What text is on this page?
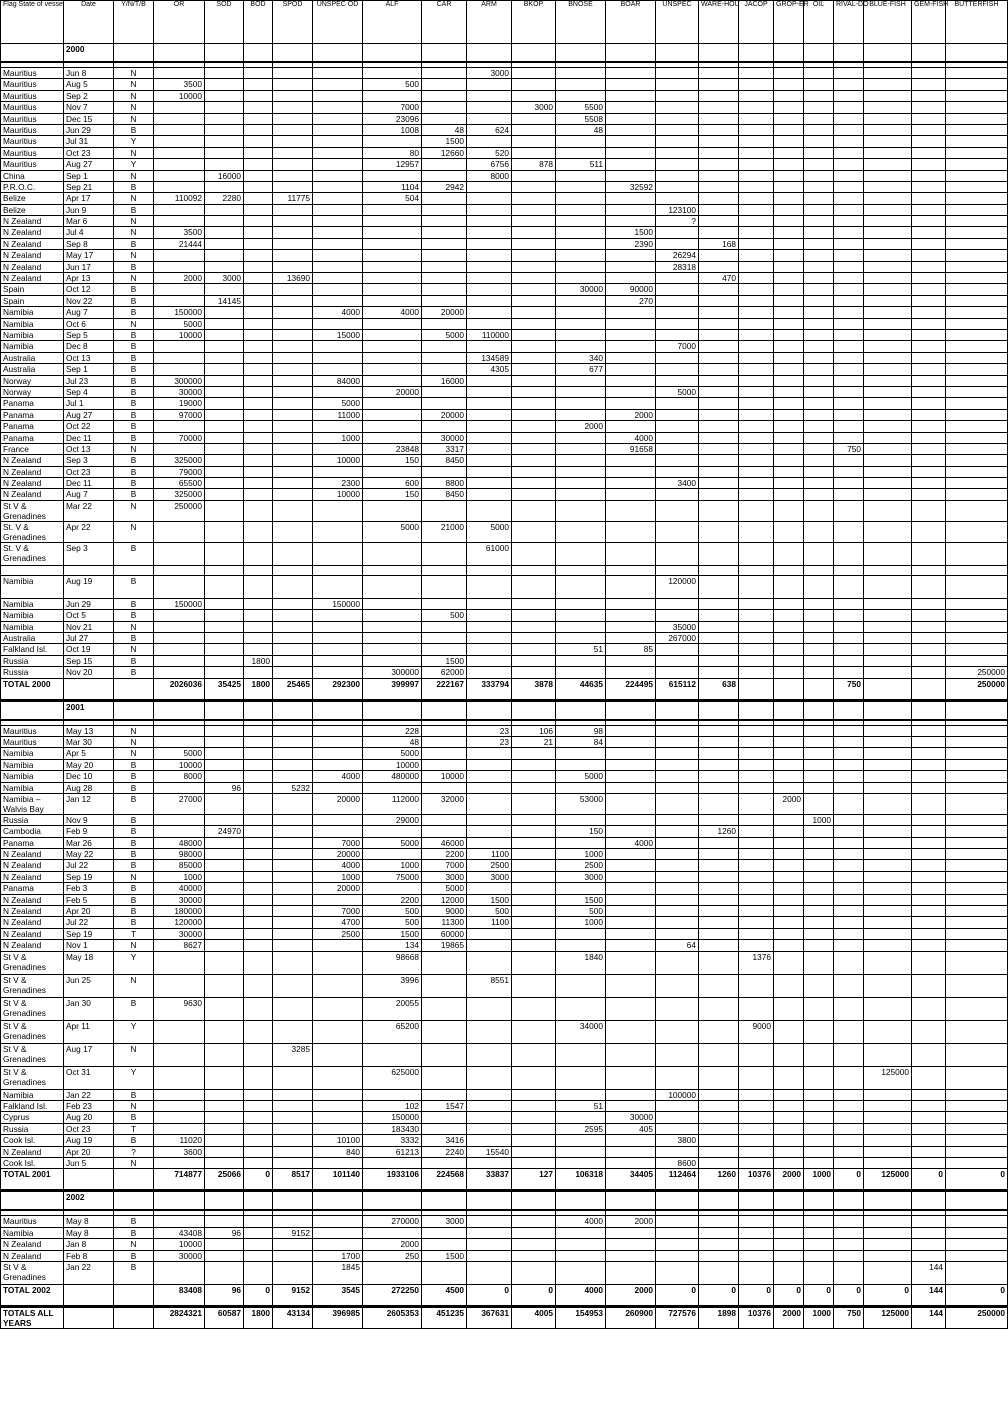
Flag State of vessel	Date	Y/N/T/B	OR	SOD	BOD	SPOD	UNSPEC OD	ALF	CAR	ARM	BKOP	BNOSE	BOAR	UNSPEC	WARE-HOU	JACOP	GROP-ER	OIL	RIVAL-DO	BLUE-FISH	GEM-FISH	BUTTERFISH
	2000																					

Mauritius	Jun 8	N								3000												
Mauritius	Aug 5	N	3500					500														
Mauritius	Sep 2	N	10000																			
Mauritius	Nov 7	N						7000			3000	5500										
Mauritius	Dec 15	N						23096				5508										
Mauritius	Jun 29	B						1008	48	624		48										
Mauritius	Jul 31	Y							1500													
Mauritius	Oct 23	N						80	12660	520												
Mauritius	Aug 27	Y						12957		6756	878	511										
China	Sep 1	N		16000						8000												
P.R.O.C.	Sep 21	B						1104	2942				32592									
Belize	Apr 17	N	110092	2280		11775		504														
Belize	Jun 9	B												123100								
N Zealand	Mar 6	N												?								
N Zealand	Jul 4	N	3500										1500									
N Zealand	Sep 8	B	21444										2390		168							
N Zealand	May 17	N												26294								
N Zealand	Jun 17	B												28318								
N Zealand	Apr 13	N	2000	3000		13690									470							
Spain	Oct 12	B										30000	90000									
Spain	Nov 22	B		14145									270									
Namibia	Aug 7	B	150000				4000	4000	20000													
Namibia	Oct 6	N	5000																			
Namibia	Sep 5	B	10000				15000		5000	110000												
Namibia	Dec 8	B												7000								
Australia	Oct 13	B								134589		340										
Australia	Sep 1	B								4305		677										
Norway	Jul 23	B	300000				84000		16000													
Norway	Sep 4	B	30000					20000						5000								
Panama	Jul 1	B	19000				5000															
Panama	Aug 27	B	97000				11000		20000				2000									
Panama	Oct 22	B										2000										
Panama	Dec 11	B	70000				1000		30000				4000									
France	Oct 13	N						23848	3317				91658						750			
N Zealand	Sep 3	B	325000				10000	150	8450													
N Zealand	Oct 23	B	79000																			
N Zealand	Dec 11	B	65500				2300	600	8800					3400								
N Zealand	Aug 7	B	325000				10000	150	8450													
St V & Grenadines	Mar 22	N	250000																			
St. V & Grenadines	Apr 22	N						5000	21000	5000												
St. V & Grenadines	Sep 3	B								61000												

Namibia	Aug 19	B												120000								
Namibia	Jun 29	B	150000				150000															
Namibia	Oct 5	B							500													
Namibia	Nov 21	N												35000								
Australia	Jul 27	B												267000								
Falkland Isl.	Oct 19	N										51	85									
Russia	Sep 15	B			1800				1500													
Russia	Nov 20	B						300000	62000													250000
TOTAL 2000			2026036	35425	1800	25465	292300	399997	222167	333794	3878	44635	224495	615112	638				750			250000
	2001																					

Mauritius	May 13	N						228		23	106	98										
Mauritius	Mar 30	N						48		23	21	84										
Namibia	Apr 5	N	5000					5000														
Namibia	May 20	B	10000					10000														
Namibia	Dec 10	B	8000				4000	480000	10000			5000										
Namibia	Aug 28	B		96		5232																
Namibia – Walvis Bay	Jan 12	B	27000				20000	112000	32000			53000					2000					
Russia	Nov 9	B						29000										1000				
Cambodia	Feb 9	B		24970								150			1260							
Panama	Mar 26	B	48000				7000	5000	46000				4000									
N Zealand	May 22	B	98000				20000		2200	1100		1000										
N Zealand	Jul 22	B	85000				4000	1000	7000	2500		2500										
N Zealand	Sep 19	N	1000				1000	75000	3000	3000		3000										
Panama	Feb 3	B	40000				20000		5000													
N Zealand	Feb 5	B	30000					2200	12000	1500		1500										
N Zealand	Apr 20	B	180000				7000	500	9000	500		500										
N Zealand	Jul 22	B	120000				4700	500	11300	1100		1000										
N Zealand	Sep 19	T	30000				2500	1500	60000													
N Zealand	Nov 1	N	8627					134	19865					64								
St V & Grenadines	May 18	Y						98668				1840				1376						
St V & Grenadines	Jun 25	N						3996		8551												
St V & Grenadines	Jan 30	B	9630					20055														
St V & Grenadines	Apr 11	Y						65200				34000				9000						
St V & Grenadines	Aug 17	N				3285																
St V & Grenadines	Oct 31	Y						625000												125000		
Namibia	Jan 22	B												100000								
Falkland Isl.	Feb 23	N						102	1547			51										
Cyprus	Aug 20	B						150000					30000									
Russia	Oct 23	T						183430				2595	405									
Cook Isl.	Aug 19	B	11020				10100	3332	3416					3800								
N Zealand	Apr 20	?	3600				840	61213	2240	15540												
Cook Isl.	Jun 5	N												8600								
TOTAL 2001			714877	25066	0	8517	101140	1933106	224568	33837	127	106318	34405	112464	1260	10376	2000	1000	0	125000	0	0
	2002																					

Mauritius	May 8	B						270000	3000			4000	2000									
Namibia	May 8	B	43408	96		9152																
N Zealand	Jan 8	N	10000					2000														
N Zealand	Feb 8	B	30000				1700	250	1500													
St V & Grenadines	Jan 22	B					1845														144	
TOTAL 2002			83408	96	0	9152	3545	272250	4500	0	0	4000	2000	0	0	0	0	0	0	0	144	0
TOTALS ALL YEARS			2824321	60587	1800	43134	396985	2605353	451235	367631	4005	154953	260900	727576	1898	10376	2000	1000	750	125000	144	250000
